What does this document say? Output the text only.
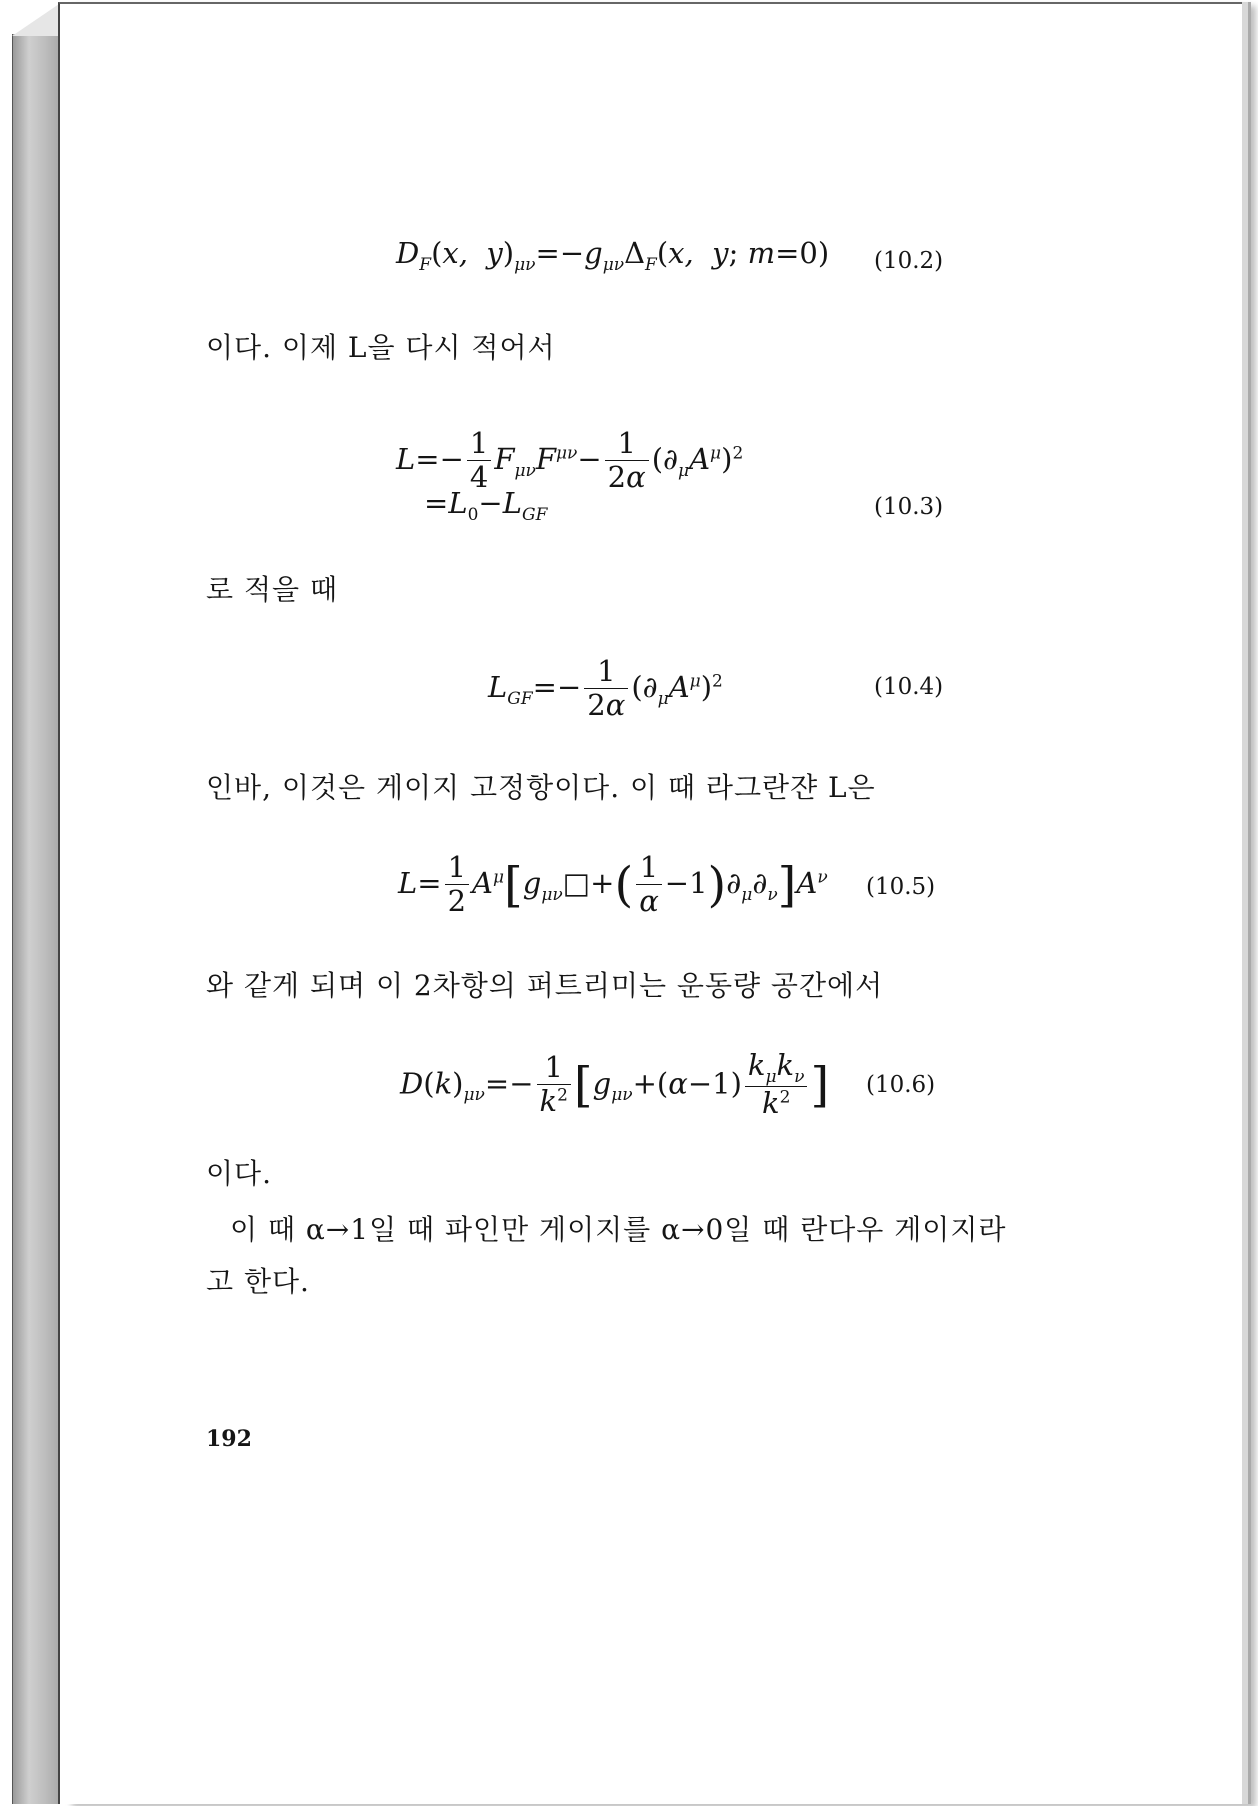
$D_F(x$,  $y)_{\mu\nu}=-g_{\mu\nu}\Delta_F(x$,  y; m=0) (10.2)
이다. 이제 L을 다시 적어서
$L=- \frac{1}{4} F_{\mu\nu}F^{\mu\nu}- \frac{1}{2\alpha} (\partial_\mu A^\mu)^2$
$=L_0-L_{GF}$	(10.3)
로 적을 때
$L_{GF}=- \frac{1}{2\alpha} (\partial_\mu A^\mu)^2$	(10.4)
인바, 이것은 게이지 고정항이다. 이 때 라그란쟌 L은
$L= \frac{1}{2}$ $A^\mu[g_{\mu\nu}□+( \frac{1}{\alpha} -1)\partial_\mu\partial_\nu]A^\nu$ (10.5)
와 같게 되며 이 2차항의 퍼트리미는 운동량 공간에서
$D(k)_{\mu\nu}=- \frac{1}{k^2} [g_{\mu\nu}+(\alpha-1) \frac{k_\mu k_\nu}{k^2}$ ] (10.6)
이다.
이 때 α→1일 때 파인만 게이지를 α→0일 때 란다우 게이지라
고 한다.
192
